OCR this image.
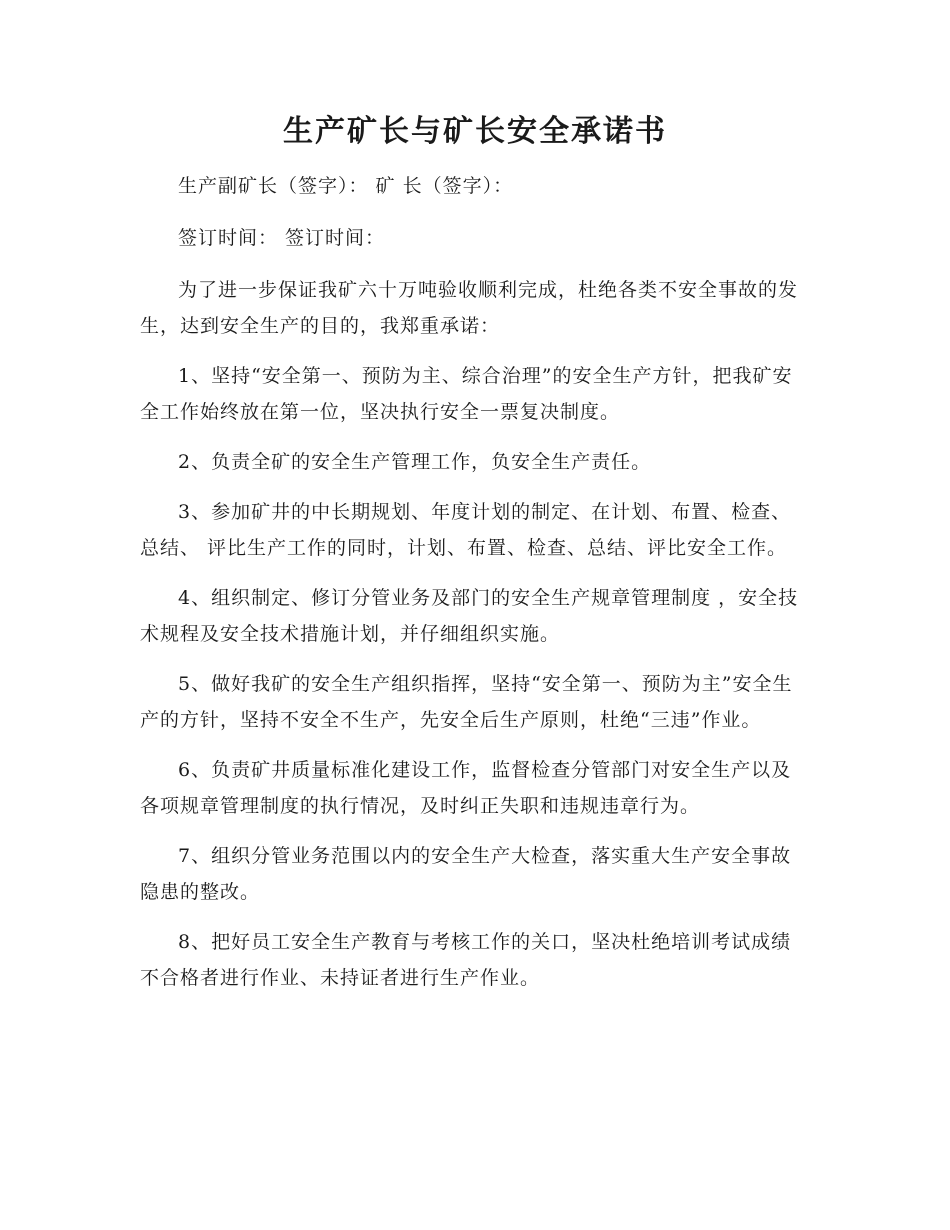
生产矿长与矿长安全承诺书

生产副矿长（签字）： 矿 长（签字）：

签订时间： 签订时间：

为了进一步保证我矿六十万吨验收顺利完成，杜绝各类不安全事故的发生，达到安全生产的目的，我郑重承诺：

1、坚持“安全第一、预防为主、综合治理”的安全生产方针，把我矿安全工作始终放在第一位，坚决执行安全一票复决制度。

2、负责全矿的安全生产管理工作，负安全生产责任。

3、参加矿井的中长期规划、年度计划的制定、在计划、布置、检查、总结、 评比生产工作的同时，计划、布置、检查、总结、评比安全工作。

4、组织制定、修订分管业务及部门的安全生产规章管理制度 ，安全技术规程及安全技术措施计划，并仔细组织实施。

5、做好我矿的安全生产组织指挥，坚持“安全第一、预防为主”安全生产的方针，坚持不安全不生产，先安全后生产原则，杜绝“三违”作业。

6、负责矿井质量标准化建设工作，监督检查分管部门对安全生产以及各项规章管理制度的执行情况，及时纠正失职和违规违章行为。

7、组织分管业务范围以内的安全生产大检查，落实重大生产安全事故隐患的整改。

8、把好员工安全生产教育与考核工作的关口，坚决杜绝培训考试成绩不合格者进行作业、未持证者进行生产作业。
